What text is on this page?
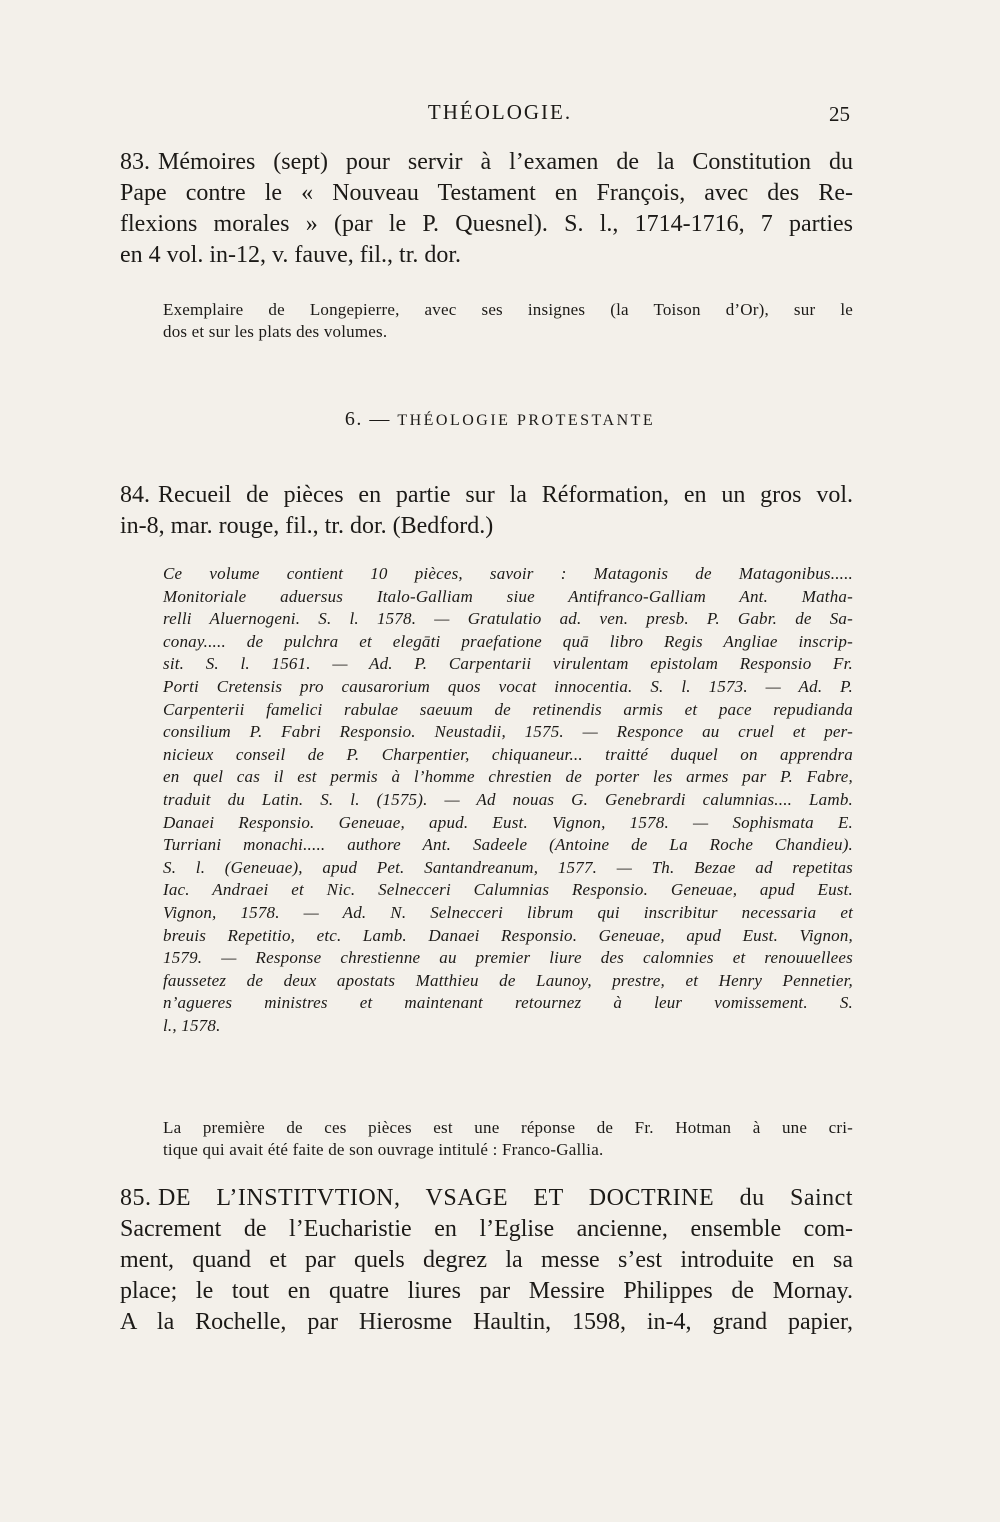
THÉOLOGIE.	25
83. Mémoires (sept) pour servir à l’examen de la Constitution du
Pape contre le « Nouveau Testament en François, avec des Re-
flexions morales » (par le P. Quesnel). S. l., 1714-1716, 7 parties
en 4 vol. in-12, v. fauve, fil., tr. dor.
Exemplaire de Longepierre, avec ses insignes (la Toison d’Or), sur le
dos et sur les plats des volumes.
6. — THÉOLOGIE PROTESTANTE
84. Recueil de pièces en partie sur la Réformation, en un gros vol.
in-8, mar. rouge, fil., tr. dor. (Bedford.)
Ce volume contient 10 pièces, savoir : Matagonis de Matagonibus.....
Monitoriale aduersus Italo-Galliam siue Antifranco-Galliam Ant. Matha-
relli Aluernogeni. S. l. 1578. — Gratulatio ad. ven. presb. P. Gabr. de Sa-
conay..... de pulchra et elegāti praefatione quā libro Regis Angliae inscrip-
sit. S. l. 1561. — Ad. P. Carpentarii virulentam epistolam Responsio Fr.
Porti Cretensis pro causarorium quos vocat innocentia. S. l. 1573. — Ad. P.
Carpenterii famelici rabulae saeuum de retinendis armis et pace repudianda
consilium P. Fabri Responsio. Neustadii, 1575. — Responce au cruel et per-
nicieux conseil de P. Charpentier, chiquaneur... traitté duquel on apprendra
en quel cas il est permis à l’homme chrestien de porter les armes par P. Fabre,
traduit du Latin. S. l. (1575). — Ad nouas G. Genebrardi calumnias.... Lamb.
Danaei Responsio. Geneuae, apud. Eust. Vignon, 1578. — Sophismata E.
Turriani monachi..... authore Ant. Sadeele (Antoine de La Roche Chandieu).
S. l. (Geneuae), apud Pet. Santandreanum, 1577. — Th. Bezae ad repetitas
Iac. Andraei et Nic. Selnecceri Calumnias Responsio. Geneuae, apud Eust.
Vignon, 1578. — Ad. N. Selnecceri librum qui inscribitur necessaria et
breuis Repetitio, etc. Lamb. Danaei Responsio. Geneuae, apud Eust. Vignon,
1579. — Response chrestienne au premier liure des calomnies et renouuellees
faussetez de deux apostats Matthieu de Launoy, prestre, et Henry Pennetier,
n’agueres ministres et maintenant retournez à leur vomissement. S.
l., 1578.
La première de ces pièces est une réponse de Fr. Hotman à une cri-
tique qui avait été faite de son ouvrage intitulé : Franco-Gallia.
85. DE L’INSTITVTION, VSAGE ET DOCTRINE du Sainct
Sacrement de l’Eucharistie en l’Eglise ancienne, ensemble com-
ment, quand et par quels degrez la messe s’est introduite en sa
place; le tout en quatre liures par Messire Philippes de Mornay.
A la Rochelle, par Hierosme Haultin, 1598, in-4, grand papier,
